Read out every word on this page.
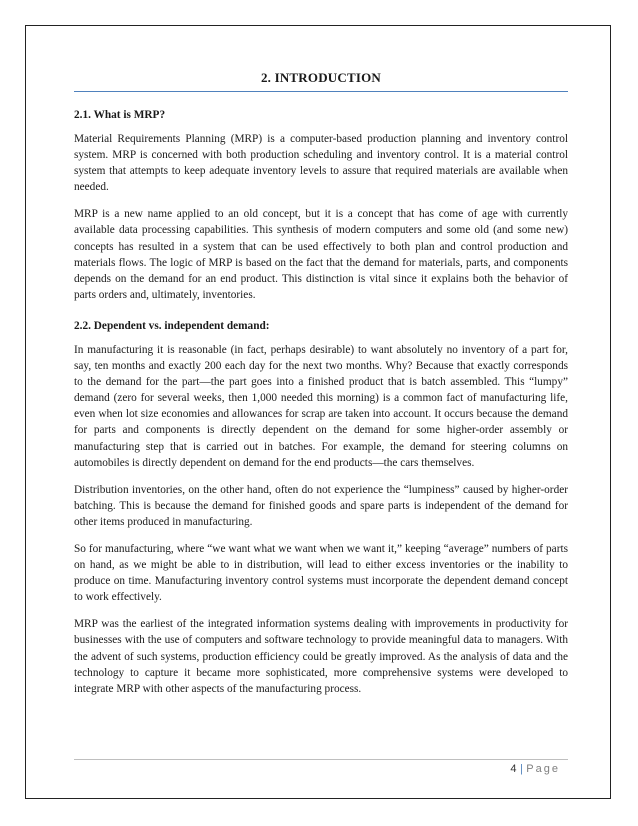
2. INTRODUCTION
2.1. What is MRP?

Material Requirements Planning (MRP) is a computer-based production planning and inventory control system. MRP is concerned with both production scheduling and inventory control. It is a material control system that attempts to keep adequate inventory levels to assure that required materials are available when needed.

MRP is a new name applied to an old concept, but it is a concept that has come of age with currently available data processing capabilities. This synthesis of modern computers and some old (and some new) concepts has resulted in a system that can be used effectively to both plan and control production and materials flows. The logic of MRP is based on the fact that the demand for materials, parts, and components depends on the demand for an end product. This distinction is vital since it explains both the behavior of parts orders and, ultimately, inventories.

2.2. Dependent vs. independent demand:

In manufacturing it is reasonable (in fact, perhaps desirable) to want absolutely no inventory of a part for, say, ten months and exactly 200 each day for the next two months. Why? Because that exactly corresponds to the demand for the part—the part goes into a finished product that is batch assembled. This “lumpy” demand (zero for several weeks, then 1,000 needed this morning) is a common fact of manufacturing life, even when lot size economies and allowances for scrap are taken into account. It occurs because the demand for parts and components is directly dependent on the demand for some higher-order assembly or manufacturing step that is carried out in batches. For example, the demand for steering columns on automobiles is directly dependent on demand for the end products—the cars themselves.

Distribution inventories, on the other hand, often do not experience the “lumpiness” caused by higher-order batching. This is because the demand for finished goods and spare parts is independent of the demand for other items produced in manufacturing.

So for manufacturing, where “we want what we want when we want it,” keeping “average” numbers of parts on hand, as we might be able to in distribution, will lead to either excess inventories or the inability to produce on time. Manufacturing inventory control systems must incorporate the dependent demand concept to work effectively.

MRP was the earliest of the integrated information systems dealing with improvements in productivity for businesses with the use of computers and software technology to provide meaningful data to managers. With the advent of such systems, production efficiency could be greatly improved. As the analysis of data and the technology to capture it became more sophisticated, more comprehensive systems were developed to integrate MRP with other aspects of the manufacturing process.

4 | Page
